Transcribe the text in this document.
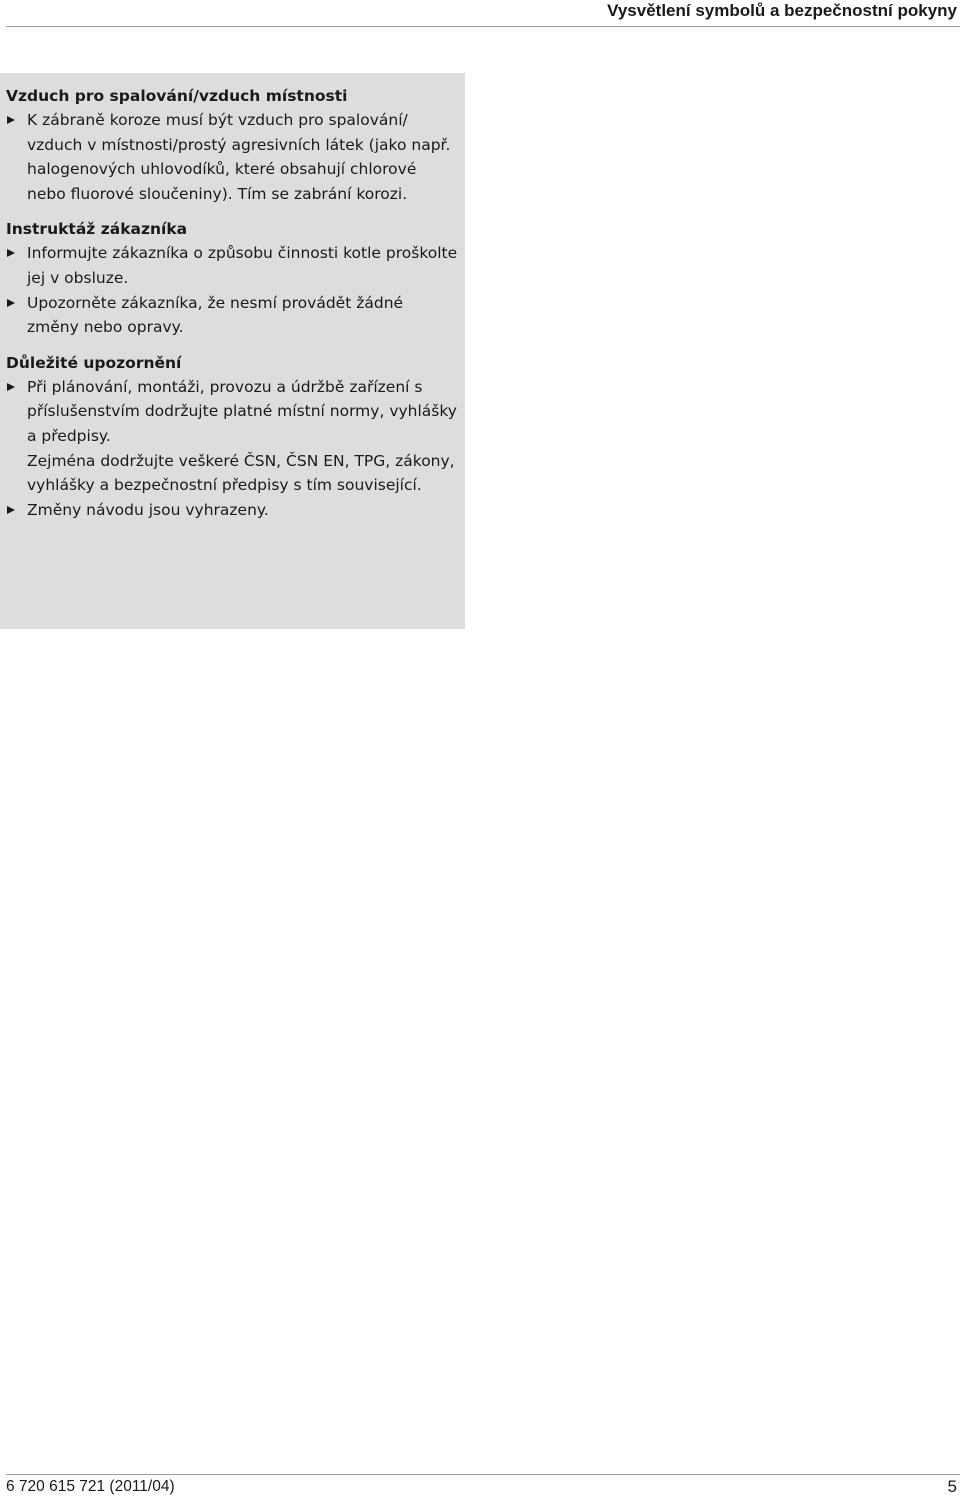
Vysvětlení symbolů a bezpečnostní pokyny
Vzduch pro spalování/vzduch místnosti

K zábraně koroze musí být vzduch pro spalování/ vzduch v místnosti/prostý agresivních látek (jako např. halogenových uhlovodíků, které obsahují chlorové nebo fluorové sloučeniny). Tím se zabrání korozi.

Instruktáž zákazníka

Informujte zákazníka o způsobu činnosti kotle proškolte jej v obsluze.

Upozorněte zákazníka, že nesmí provádět žádné změny nebo opravy.

Důležité upozornění

Při plánování, montáži, provozu a údržbě zařízení s příslušenstvím dodržujte platné místní normy, vyhlášky a předpisy.

Zejména dodržujte veškeré ČSN, ČSN EN, TPG, zákony, vyhlášky a bezpečnostní předpisy s tím související.

Změny návodu jsou vyhrazeny.

6 720 615 721 (2011/04)	5
